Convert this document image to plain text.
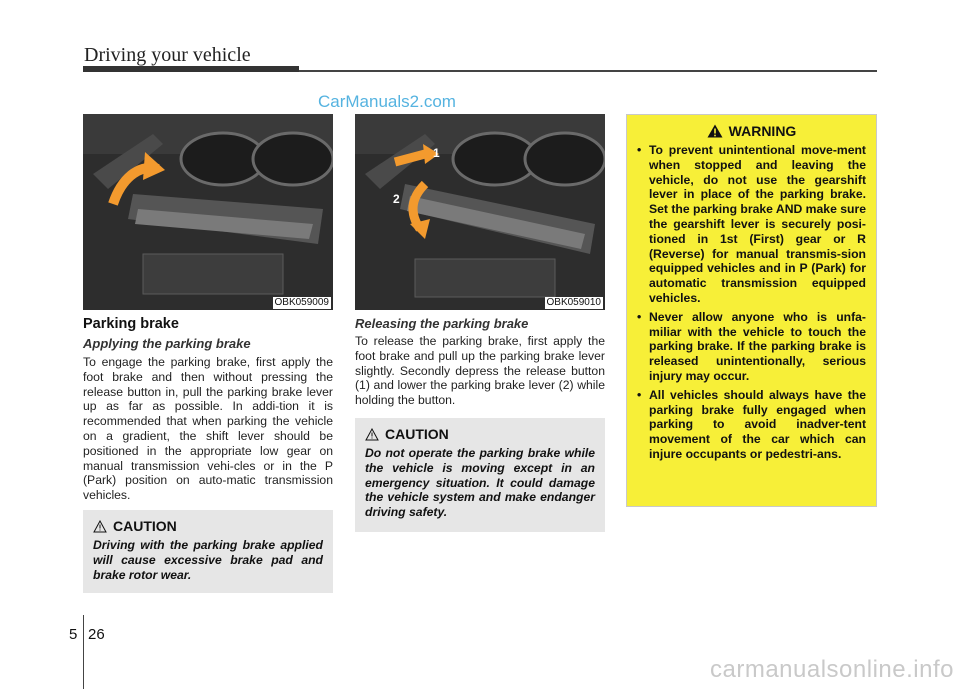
Driving your vehicle
CarManuals2.com
OBK059009
1
2
OBK059010
Parking brake
Applying the parking brake
To engage the parking brake, first apply the foot brake and then without pressing the release button in, pull the parking brake lever up as far as possible. In addi-tion it is recommended that when parking the vehicle on a gradient, the shift lever should be positioned in the appropriate low gear on manual transmission vehi-cles or in the P (Park) position on auto-matic transmission vehicles.
CAUTION
Driving with the parking brake applied will cause excessive brake pad and brake rotor wear.
Releasing the parking brake
To release the parking brake, first apply the foot brake and pull up the parking brake lever slightly. Secondly depress the release button (1) and lower the parking brake lever (2) while holding the button.
CAUTION
Do not operate the parking brake while the vehicle is moving except in an emergency situation. It could damage the vehicle system and make endanger driving safety.
WARNING
• To prevent unintentional move-ment when stopped and leaving the vehicle, do not use the gearshift lever in place of the parking brake. Set the parking brake AND make sure the gearshift lever is securely posi-tioned in 1st (First) gear or R (Reverse) for manual transmis-sion equipped vehicles and in P (Park) for automatic transmission equipped vehicles.
• Never allow anyone who is unfa-miliar with the vehicle to touch the parking brake. If the parking brake is released unintentionally, serious injury may occur.
• All vehicles should always have the parking brake fully engaged when parking to avoid inadver-tent movement of the car which can injure occupants or pedestri-ans.
5 26
carmanualsonline.info
